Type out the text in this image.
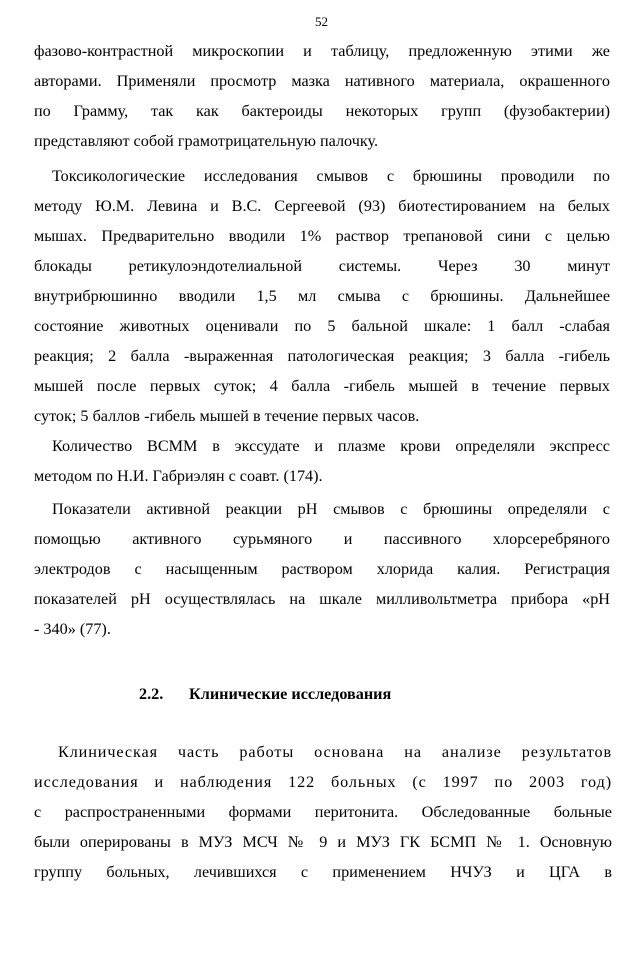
52
фазово-контрастной микроскопии и таблицу, предложенную этими же
авторами. Применяли просмотр мазка нативного материала, окрашенного
по Грамму, так как бактероиды некоторых групп (фузобактерии)
представляют собой грамотрицательную палочку.
Токсикологические исследования смывов с брюшины проводили по
методу Ю.М. Левина и В.С. Сергеевой (93) биотестированием на белых
мышах. Предварительно вводили 1% раствор трепановой сини с целью
блокады ретикулоэндотелиальной системы. Через 30 минут
внутрибрюшинно вводили 1,5 мл смыва с брюшины. Дальнейшее
состояние животных оценивали по 5 бальной шкале: 1 балл -слабая
реакция; 2 балла -выраженная патологическая реакция; 3 балла -гибель
мышей после первых суток; 4 балла -гибель мышей в течение первых
суток; 5 баллов -гибель мышей в течение первых часов.
Количество ВСММ в экссудате и плазме крови определяли экспресс
методом по Н.И. Габриэлян с соавт. (174).
Показатели активной реакции рН смывов с брюшины определяли с
помощью активного сурьмяного и пассивного хлорсеребряного
электродов с насыщенным раствором хлорида калия. Регистрация
показателей рН осуществлялась на шкале милливольтметра прибора «рН
- 340» (77).
2.2. Клинические исследования
Клиническая часть работы основана на анализе результатов
исследования и наблюдения 122 больных (с 1997 по 2003 год)
с распространенными формами перитонита. Обследованные больные
были оперированы в МУЗ МСЧ № 9 и МУЗ ГК БСМП № 1. Основную
группу больных, лечившихся с применением НЧУЗ и ЦГА в
